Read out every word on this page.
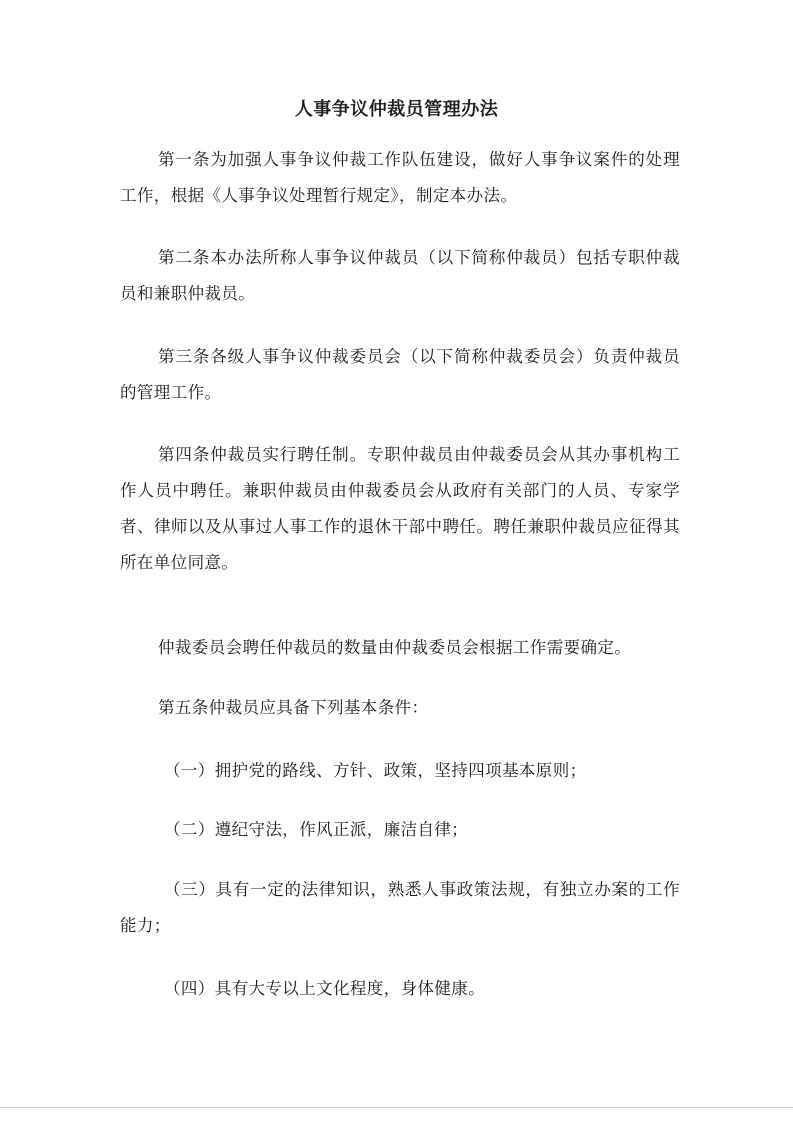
人事争议仲裁员管理办法
第一条为加强人事争议仲裁工作队伍建设，做好人事争议案件的处理工作，根据《人事争议处理暂行规定》，制定本办法。
第二条本办法所称人事争议仲裁员（以下简称仲裁员）包括专职仲裁员和兼职仲裁员。
第三条各级人事争议仲裁委员会（以下简称仲裁委员会）负责仲裁员的管理工作。
第四条仲裁员实行聘任制。专职仲裁员由仲裁委员会从其办事机构工作人员中聘任。兼职仲裁员由仲裁委员会从政府有关部门的人员、专家学者、律师以及从事过人事工作的退休干部中聘任。聘任兼职仲裁员应征得其所在单位同意。
仲裁委员会聘任仲裁员的数量由仲裁委员会根据工作需要确定。
第五条仲裁员应具备下列基本条件：
（一）拥护党的路线、方针、政策，坚持四项基本原则；
（二）遵纪守法，作风正派，廉洁自律；
（三）具有一定的法律知识，熟悉人事政策法规，有独立办案的工作能力；
（四）具有大专以上文化程度，身体健康。
